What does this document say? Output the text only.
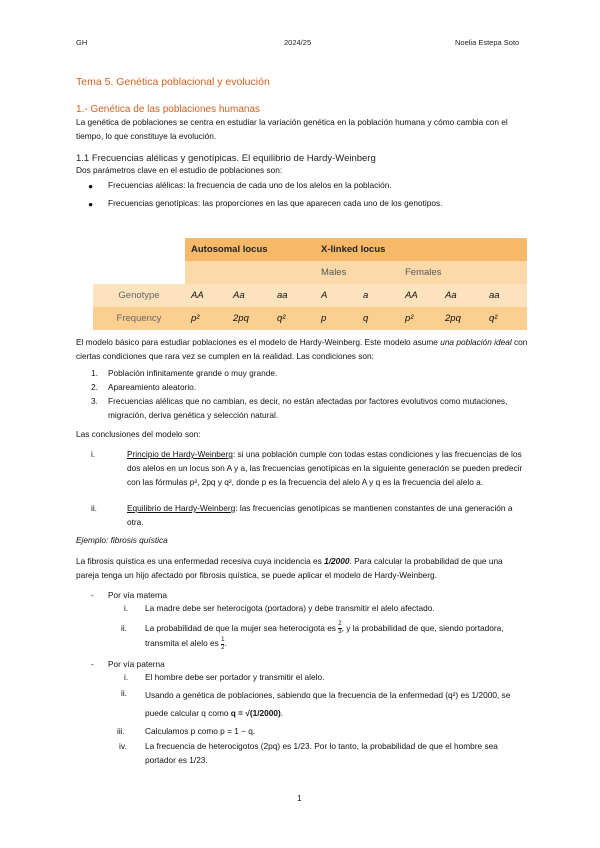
GH	2024/25	Noelia Estepa Soto
Tema 5. Genética poblacional y evolución
1.- Genética de las poblaciones humanas
La genética de poblaciones se centra en estudiar la variación genética en la población humana y cómo cambia con el tiempo, lo que constituye la evolución.
1.1 Frecuencias alélicas y genotípicas. El equilibrio de Hardy-Weinberg
Dos parámetros clave en el estudio de poblaciones son:
● Frecuencias alélicas: la frecuencia de cada uno de los alelos en la población.
● Frecuencias genotípicas: las proporciones en las que aparecen cada uno de los genotipos.
	Autosomal locus			X-linked locus				
				Males		Females		
Genotype	AA	Aa	aa	A	a	AA	Aa	aa
Frequency	p²	2pq	q²	p	q	p²	2pq	q²
El modelo básico para estudiar poblaciones es el modelo de Hardy-Weinberg. Este modelo asume una población ideal con ciertas condiciones que rara vez se cumplen en la realidad. Las condiciones son:
1. Población infinitamente grande o muy grande.
2. Apareamiento aleatorio.
3. Frecuencias alélicas que no cambian, es decir, no están afectadas por factores evolutivos como mutaciones, migración, deriva genética y selección natural.
Las conclusiones del modelo son:
i.	Principio de Hardy-Weinberg: si una población cumple con todas estas condiciones y las frecuencias de los dos alelos en un locus son A y a, las frecuencias genotípicas en la siguiente generación se pueden predecir con las fórmulas p², 2pq y q², donde p es la frecuencia del alelo A y q es la frecuencia del alelo a.
ii.	Equilibrio de Hardy-Weinberg: las frecuencias genotípicas se mantienen constantes de una generación a otra.
Ejemplo: fibrosis quística
La fibrosis quística es una enfermedad recesiva cuya incidencia es 1/2000. Para calcular la probabilidad de que una pareja tenga un hijo afectado por fibrosis quística, se puede aplicar el modelo de Hardy-Weinberg.
- Por vía materna
i. La madre debe ser heterocigota (portadora) y debe transmitir el alelo afectado.
ii. La probabilidad de que la mujer sea heterocigota es $\frac{2}{3}$ , y la probabilidad de que, siendo portadora, transmita el alelo es $\frac{1}{2}$ .
- Por vía paterna
i. El hombre debe ser portador y transmitir el alelo.
ii. Usando a genética de poblaciones, sabiendo que la frecuencia de la enfermedad (q²) es 1/2000, se puede calcular q como q = √(1/2000).
iii. Calculamos p como p = 1 − q.
iv. La frecuencia de heterocigotos (2pq) es 1/23. Por lo tanto, la probabilidad de que el hombre sea portador es 1/23.
1
